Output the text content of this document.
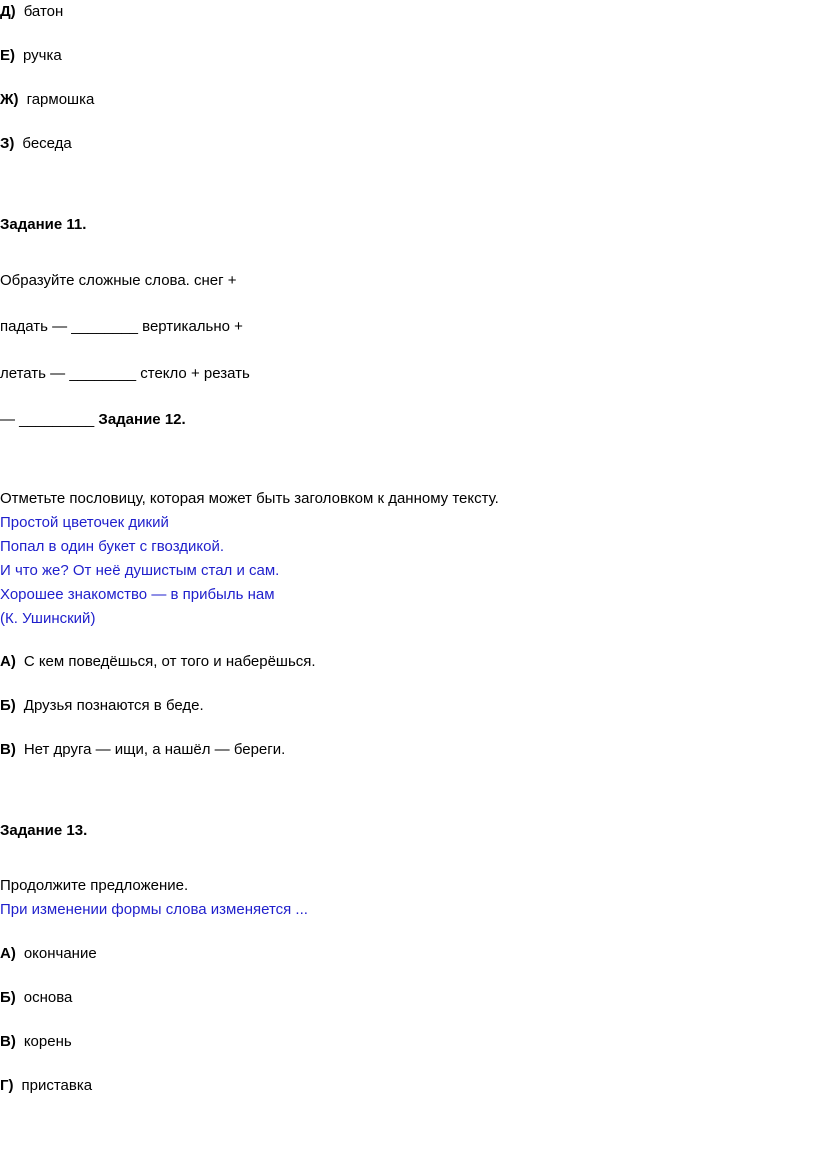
Д) батон
Е) ручка
Ж) гармошка
З) беседа
Задание 11.
Образуйте сложные слова. снег +
падать — ________ вертикально +
летать — ________ стекло + резать
— _________ Задание 12.
Отметьте пословицу, которая может быть заголовком к данному тексту.
Простой цветочек дикий
Попал в один букет с гвоздикой.
И что же? От неё душистым стал и сам.
Хорошее знакомство — в прибыль нам
(К. Ушинский)
А) С кем поведёшься, от того и наберёшься.
Б) Друзья познаются в беде.
В) Нет друга — ищи, а нашёл — береги.
Задание 13.
Продолжите предложение.
При изменении формы слова изменяется ...
А) окончание
Б) основа
В) корень
Г) приставка
